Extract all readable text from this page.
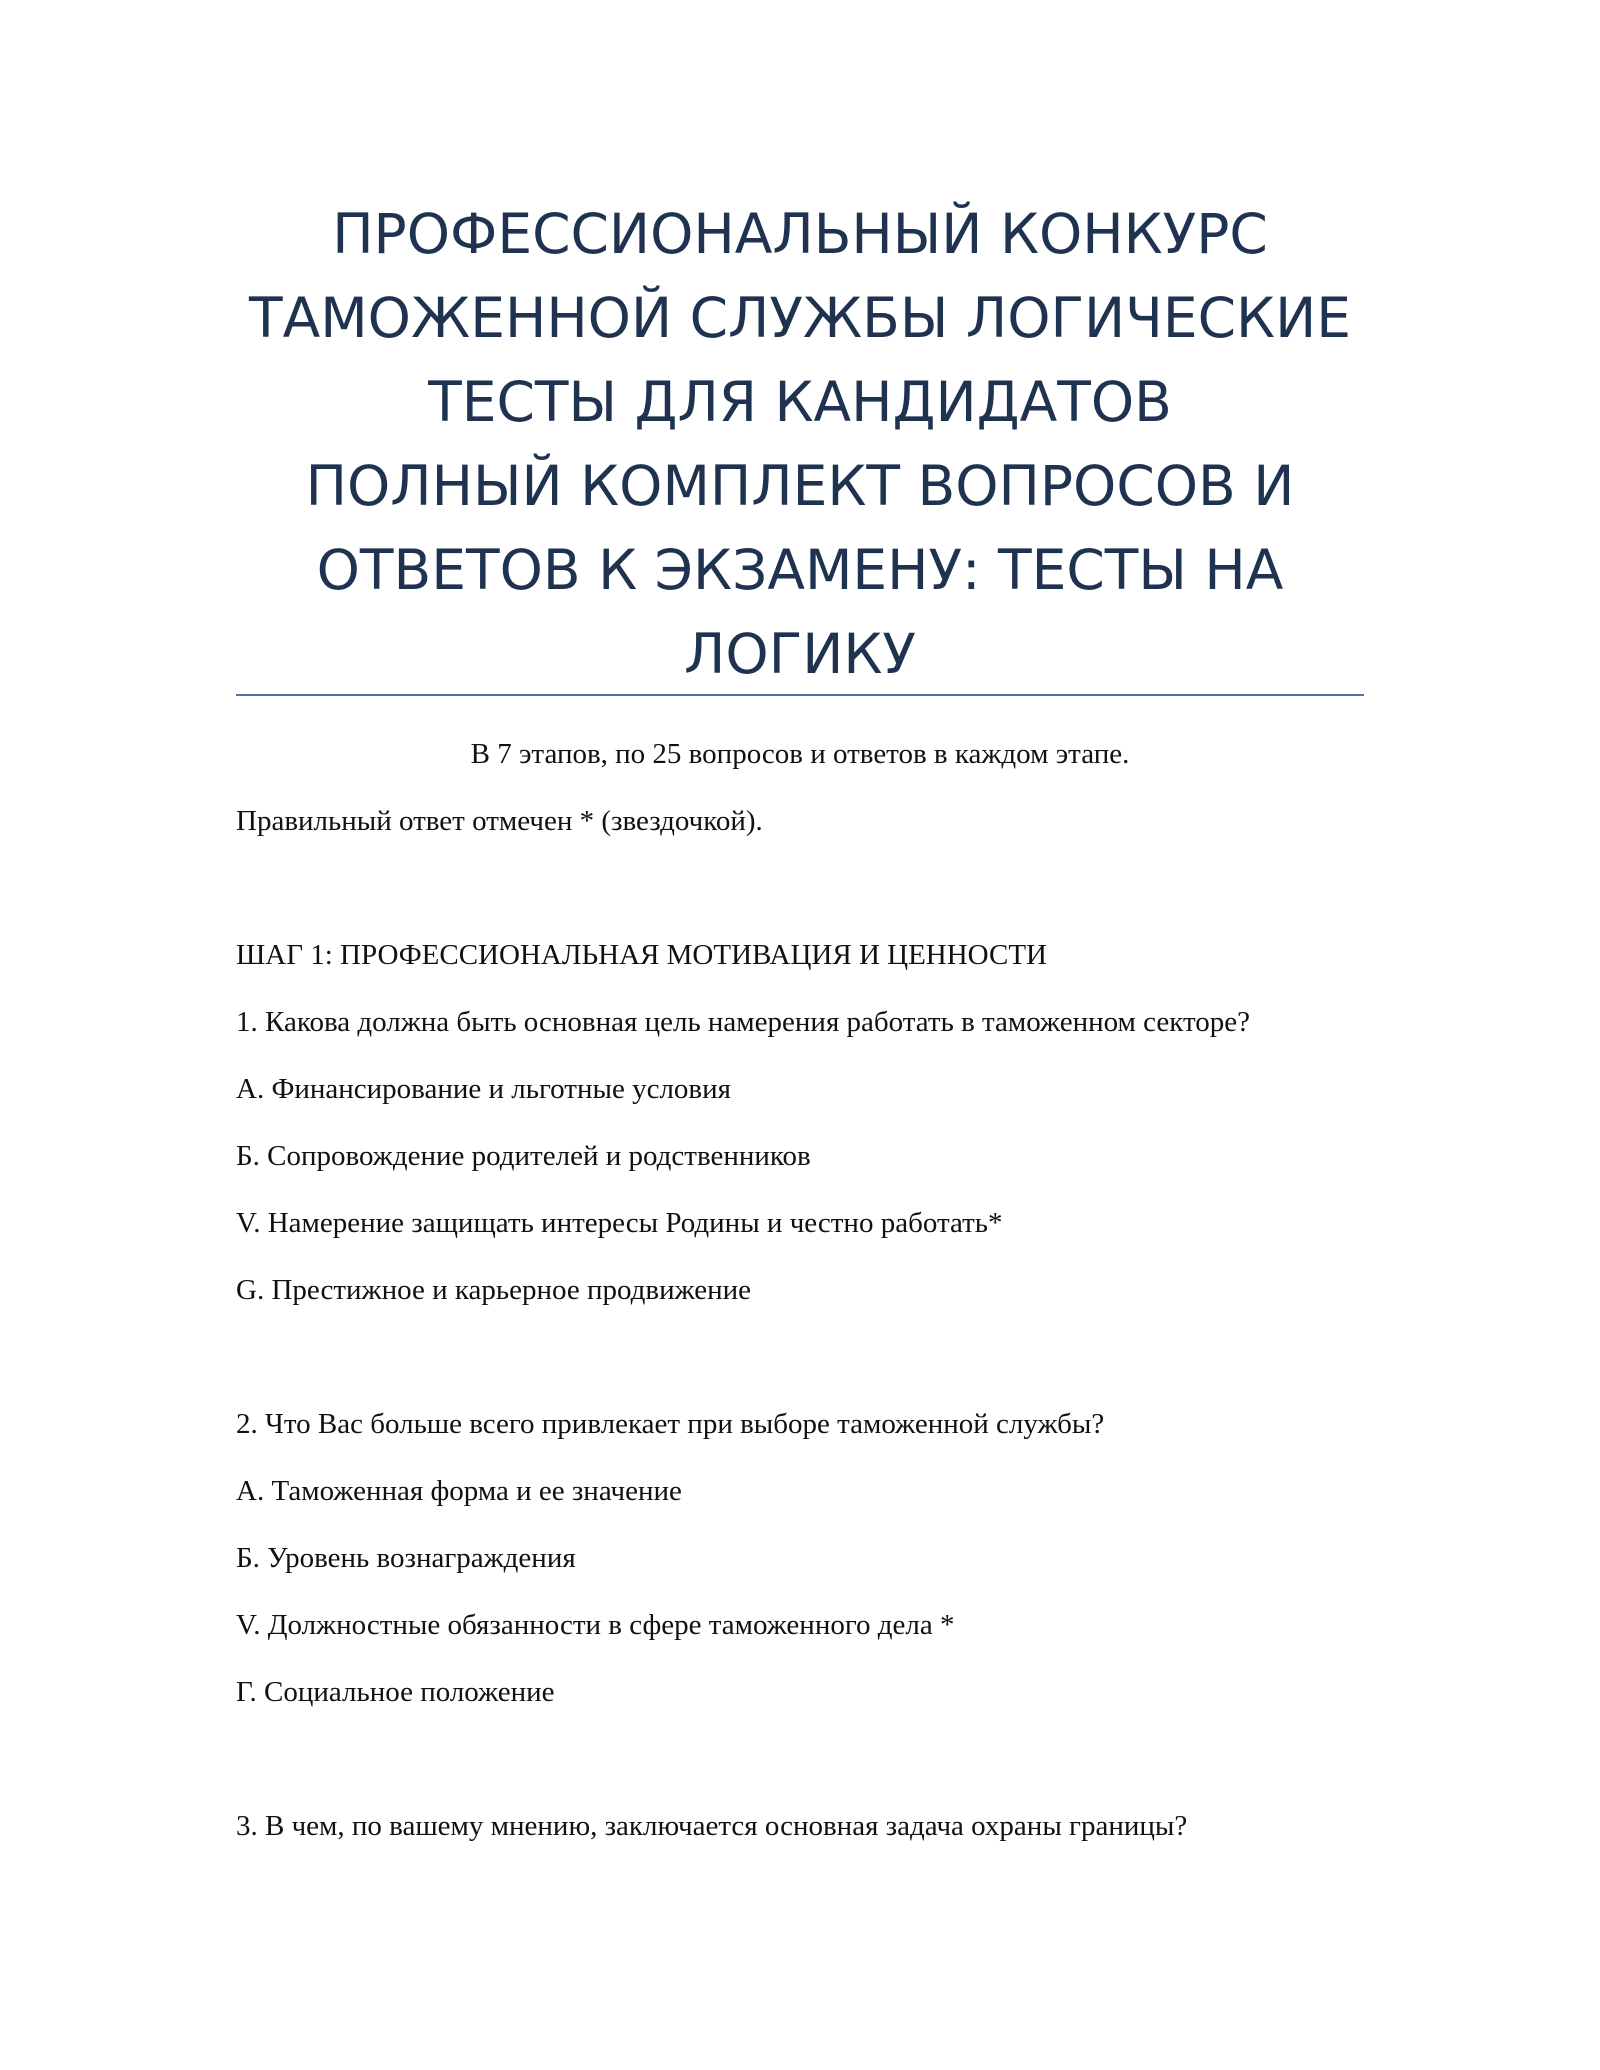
ПРОФЕССИОНАЛЬНЫЙ КОНКУРС
ТАМОЖЕННОЙ СЛУЖБЫ ЛОГИЧЕСКИЕ
ТЕСТЫ ДЛЯ КАНДИДАТОВ
ПОЛНЫЙ КОМПЛЕКТ ВОПРОСОВ И
ОТВЕТОВ К ЭКЗАМЕНУ: ТЕСТЫ НА
ЛОГИКУ
В 7 этапов, по 25 вопросов и ответов в каждом этапе.
Правильный ответ отмечен * (звездочкой).
ШАГ 1: ПРОФЕССИОНАЛЬНАЯ МОТИВАЦИЯ И ЦЕННОСТИ
1. Какова должна быть основная цель намерения работать в таможенном секторе?
А. Финансирование и льготные условия
Б. Сопровождение родителей и родственников
V. Намерение защищать интересы Родины и честно работать*
G. Престижное и карьерное продвижение
2. Что Вас больше всего привлекает при выборе таможенной службы?
А. Таможенная форма и ее значение
Б. Уровень вознаграждения
V. Должностные обязанности в сфере таможенного дела *
Г. Социальное положение
3. В чем, по вашему мнению, заключается основная задача охраны границы?
